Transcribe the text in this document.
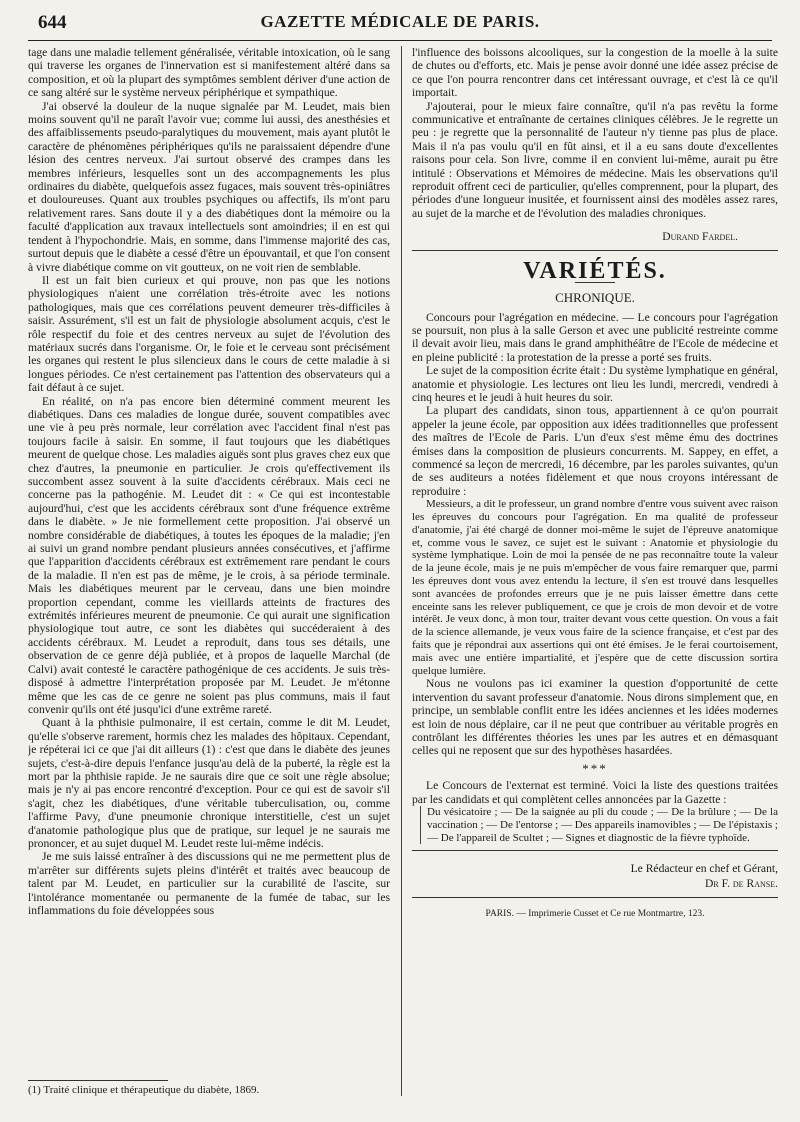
644	GAZETTE MÉDICALE DE PARIS.

tage dans une maladie tellement généralisée, véritable intoxication, où le sang qui traverse les organes de l'innervation est si manifestement altéré dans sa composition, et où la plupart des symptômes semblent dériver d'une action de ce sang altéré sur le système nerveux périphérique et sympathique.

J'ai observé la douleur de la nuque signalée par M. Leudet, mais bien moins souvent qu'il ne paraît l'avoir vue; comme lui aussi, des anesthésies et des affaiblissements pseudo-paralytiques du mouvement, mais ayant plutôt le caractère de phénomènes périphériques qu'ils ne paraissaient dépendre d'une lésion des centres nerveux. J'ai surtout observé des crampes dans les membres inférieurs, lesquelles sont un des accompagnements les plus ordinaires du diabète, quelquefois assez fugaces, mais souvent très-opiniâtres et douloureuses. Quant aux troubles psychiques ou affectifs, ils m'ont paru relativement rares. Sans doute il y a des diabétiques dont la mémoire ou la faculté d'application aux travaux intellectuels sont amoindries; il en est qui tendent à l'hypochondrie. Mais, en somme, dans l'immense majorité des cas, surtout depuis que le diabète a cessé d'être un épouvantail, et que l'on consent à vivre diabétique comme on vit goutteux, on ne voit rien de semblable.

Il est un fait bien curieux et qui prouve, non pas que les notions physiologiques n'aient une corrélation très-étroite avec les notions pathologiques, mais que ces corrélations peuvent demeurer très-difficiles à saisir. Assurément, s'il est un fait de physiologie absolument acquis, c'est le rôle respectif du foie et des centres nerveux au sujet de l'évolution des matériaux sucrés dans l'organisme. Or, le foie et le cerveau sont précisément les organes qui restent le plus silencieux dans le cours de cette maladie à si longues périodes. Ce n'est certainement pas l'attention des observateurs qui a fait défaut à ce sujet.

En réalité, on n'a pas encore bien déterminé comment meurent les diabétiques. Dans ces maladies de longue durée, souvent compatibles avec une vie à peu près normale, leur corrélation avec l'accident final n'est pas toujours facile à saisir. En somme, il faut toujours que les diabétiques meurent de quelque chose. Les maladies aiguës sont plus graves chez eux que chez d'autres, la pneumonie en particulier. Je crois qu'effectivement ils succombent assez souvent à la suite d'accidents cérébraux. Mais ceci ne concerne pas la pathogénie. M. Leudet dit : « Ce qui est incontestable aujourd'hui, c'est que les accidents cérébraux sont d'une fréquence extrême dans le diabète. » Je nie formellement cette proposition. J'ai observé un nombre considérable de diabétiques, à toutes les époques de la maladie; j'en ai suivi un grand nombre pendant plusieurs années consécutives, et j'affirme que l'apparition d'accidents cérébraux est extrêmement rare pendant le cours de la maladie. Il n'en est pas de même, je le crois, à sa période terminale. Mais les diabétiques meurent par le cerveau, dans une bien moindre proportion cependant, comme les vieillards atteints de fractures des extrémités inférieures meurent de pneumonie. Ce qui aurait une signification physiologique tout autre, ce sont les diabètes qui succéderaient à des accidents cérébraux. M. Leudet a reproduit, dans tous ses détails, une observation de ce genre déjà publiée, et à propos de laquelle Marchal (de Calvi) avait contesté le caractère pathogénique de ces accidents. Je suis très-disposé à admettre l'interprétation proposée par M. Leudet. Je m'étonne même que les cas de ce genre ne soient pas plus communs, mais il faut convenir qu'ils ont été jusqu'ici d'une extrême rareté.

Quant à la phthisie pulmonaire, il est certain, comme le dit M. Leudet, qu'elle s'observe rarement, hormis chez les malades des hôpitaux. Cependant, je répéterai ici ce que j'ai dit ailleurs (1) : c'est que dans le diabète des jeunes sujets, c'est-à-dire depuis l'enfance jusqu'au delà de la puberté, la règle est la mort par la phthisie rapide. Je ne saurais dire que ce soit une règle absolue; mais je n'y ai pas encore rencontré d'exception. Pour ce qui est de savoir s'il s'agit, chez les diabétiques, d'une véritable tuberculisation, ou, comme l'affirme Pavy, d'une pneumonie chronique interstitielle, c'est un sujet d'anatomie pathologique plus que de pratique, sur lequel je ne saurais me prononcer, et au sujet duquel M. Leudet reste lui-même indécis.

Je me suis laissé entraîner à des discussions qui ne me permettent plus de m'arrêter sur différents sujets pleins d'intérêt et traités avec beaucoup de talent par M. Leudet, en particulier sur la curabilité de l'ascite, sur l'intolérance momentanée ou permanente de la fumée de tabac, sur les inflammations du foie développées sous

(1) Traité clinique et thérapeutique du diabète, 1869.

l'influence des boissons alcooliques, sur la congestion de la moelle à la suite de chutes ou d'efforts, etc. Mais je pense avoir donné une idée assez précise de ce que l'on pourra rencontrer dans cet intéressant ouvrage, et c'est là ce qu'il importait.

J'ajouterai, pour le mieux faire connaître, qu'il n'a pas revêtu la forme communicative et entraînante de certaines cliniques célèbres. Je le regrette un peu : je regrette que la personnalité de l'auteur n'y tienne pas plus de place. Mais il n'a pas voulu qu'il en fût ainsi, et il a eu sans doute d'excellentes raisons pour cela. Son livre, comme il en convient lui-même, aurait pu être intitulé : Observations et Mémoires de médecine. Mais les observations qu'il reproduit offrent ceci de particulier, qu'elles comprennent, pour la plupart, des périodes d'une longueur inusitée, et fournissent ainsi des modèles assez rares, au sujet de la marche et de l'évolution des maladies chroniques.

Durand Fardel.
VARIÉTÉS.
CHRONIQUE.

Concours pour l'agrégation en médecine. — Le concours pour l'agrégation se poursuit, non plus à la salle Gerson et avec une publicité restreinte comme il devait avoir lieu, mais dans le grand amphithéâtre de l'Ecole de médecine et en pleine publicité : la protestation de la presse a porté ses fruits.

Le sujet de la composition écrite était : Du système lymphatique en général, anatomie et physiologie. Les lectures ont lieu les lundi, mercredi, vendredi à cinq heures et le jeudi à huit heures du soir.

La plupart des candidats, sinon tous, appartiennent à ce qu'on pourrait appeler la jeune école, par opposition aux idées traditionnelles que professent des maîtres de l'Ecole de Paris. L'un d'eux s'est même ému des doctrines émises dans la composition de plusieurs concurrents. M. Sappey, en effet, a commencé sa leçon de mercredi, 16 décembre, par les paroles suivantes, qu'un de ses auditeurs a notées fidèlement et que nous croyons intéressant de reproduire :

Messieurs, a dit le professeur, un grand nombre d'entre vous suivent avec raison les épreuves du concours pour l'agrégation. En ma qualité de professeur d'anatomie, j'ai été chargé de donner moi-même le sujet de l'épreuve anatomique et, comme vous le savez, ce sujet est le suivant : Anatomie et physiologie du système lymphatique. Loin de moi la pensée de ne pas reconnaître toute la valeur de la jeune école, mais je ne puis m'empêcher de vous faire remarquer que, parmi les épreuves dont vous avez entendu la lecture, il s'en est trouvé dans lesquelles sont avancées de profondes erreurs que je ne puis laisser émettre dans cette enceinte sans les relever publiquement, ce que je crois de mon devoir et de votre intérêt. Je veux donc, à mon tour, traiter devant vous cette question. On vous a fait de la science allemande, je veux vous faire de la science française, et c'est par des faits que je répondrai aux assertions qui ont été émises. Je le ferai courtoisement, mais avec une entière impartialité, et j'espère que de cette discussion sortira quelque lumière.

Nous ne voulons pas ici examiner la question d'opportunité de cette intervention du savant professeur d'anatomie. Nous dirons simplement que, en principe, un semblable conflit entre les idées anciennes et les idées modernes est loin de nous déplaire, car il ne peut que contribuer au véritable progrès en contrôlant les différentes théories les unes par les autres et en démasquant celles qui ne reposent que sur des hypothèses hasardées.

***

Le Concours de l'externat est terminé. Voici la liste des questions traitées par les candidats et qui complètent celles annoncées par la Gazette :

Du vésicatoire ; — De la saignée au pli du coude ; — De la brûlure ; — De la vaccination ; — De l'entorse ; — Des appareils inamovibles ; — De l'épistaxis ; — De l'appareil de Scultet ; — Signes et diagnostic de la fièvre typhoïde.
Le Rédacteur en chef et Gérant,
Dr F. de Ranse.
PARIS. — Imprimerie Cusset et Ce rue Montmartre, 123.
